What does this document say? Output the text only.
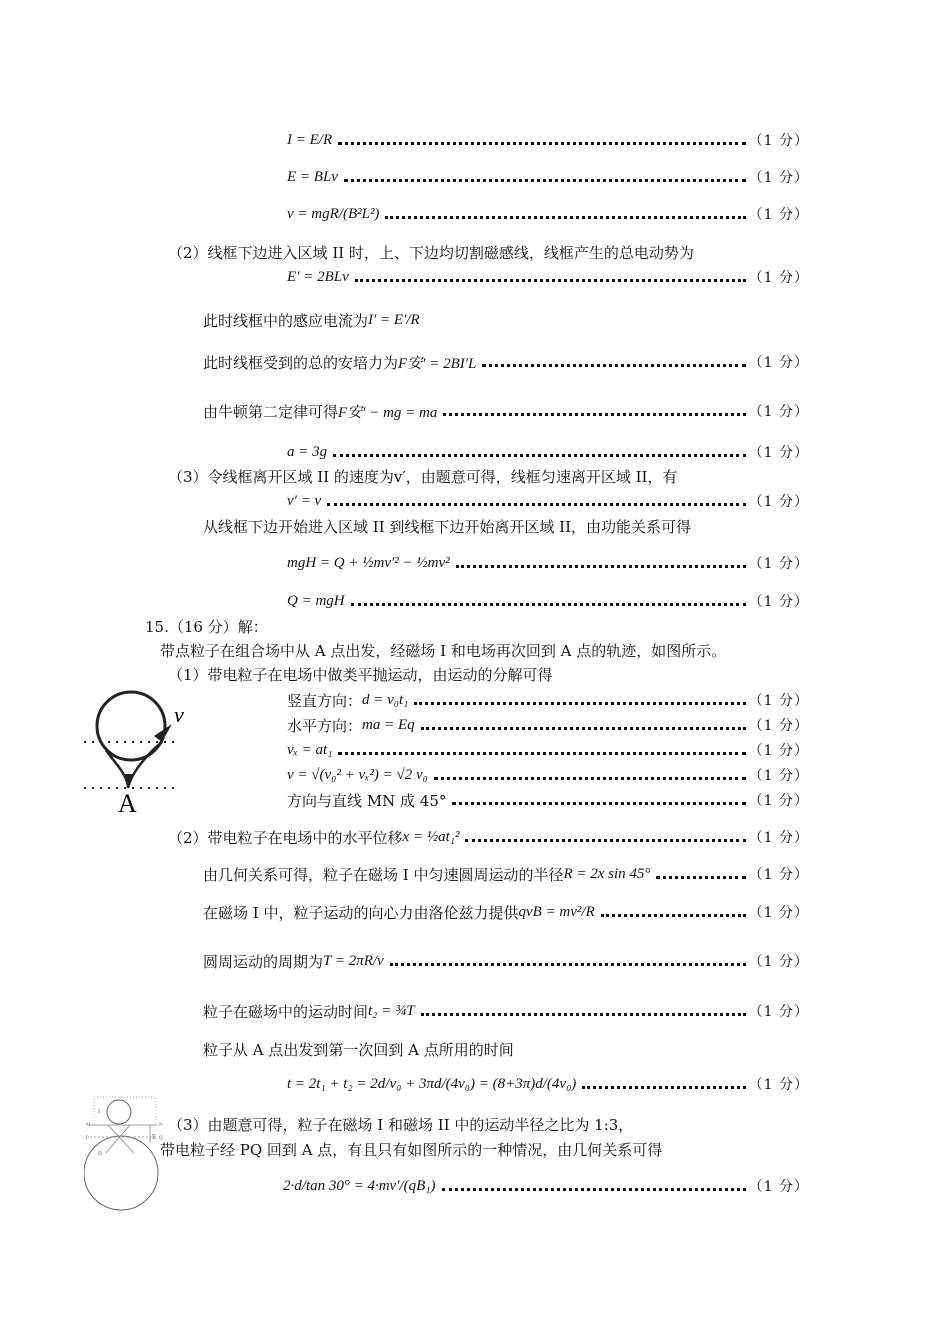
I = E/R	（1 分）
E = BLv	（1 分）
v = mgR/(B²L²)	（1 分）
（2）线框下边进入区域 II 时，上、下边均切割磁感线，线框产生的总电动势为
E′ = 2BLv	（1 分）
此时线框中的感应电流为 I′ = E′/R
此时线框受到的总的安培力为 F安′ = 2BI′L	（1 分）
由牛顿第二定律可得 F安′ − mg = ma	（1 分）
a = 3g	（1 分）
（3）令线框离开区域 II 的速度为v′，由题意可得，线框匀速离开区域 II，有
v′ = v	（1 分）
从线框下边开始进入区域 II 到线框下边开始离开区域 II，由功能关系可得
mgH = Q + ½mv′² − ½mv²	（1 分）
Q = mgH	（1 分）
15.（16 分）解：
带点粒子在组合场中从 A 点出发，经磁场 I 和电场再次回到 A 点的轨迹，如图所示。
（1）带电粒子在电场中做类平抛运动，由运动的分解可得
v
A
竖直方向： d = v₀t₁	（1 分）
水平方向： ma = Eq	（1 分）
vₓ = at₁	（1 分）
v = √(v₀² + vₓ²) = √2 v₀	（1 分）
方向与直线 MN 成 45°	（1 分）
（2）带电粒子在电场中的水平位移 x = ½at₁²	（1 分）
由几何关系可得，粒子在磁场 I 中匀速圆周运动的半径 R = 2x sin 45°	（1 分）
在磁场 I 中，粒子运动的向心力由洛伦兹力提供 qvB = mv²/R	（1 分）
圆周运动的周期为 T = 2πR/v	（1 分）
粒子在磁场中的运动时间 t₂ = ¾T	（1 分）
粒子从 A 点出发到第一次回到 A 点所用的时间
t = 2t₁ + t₂ = 2d/v₀ + 3πd/(4v₀) = (8+3π)d/(4v₀)	（1 分）
I
II
M	N
P	Q
E
（3）由题意可得，粒子在磁场 I 和磁场 II 中的运动半径之比为 1:3，
带电粒子经 PQ 回到 A 点，有且只有如图所示的一种情况，由几何关系可得
2·d/tan 30° = 4·mv′/(qB₁)	（1 分）
